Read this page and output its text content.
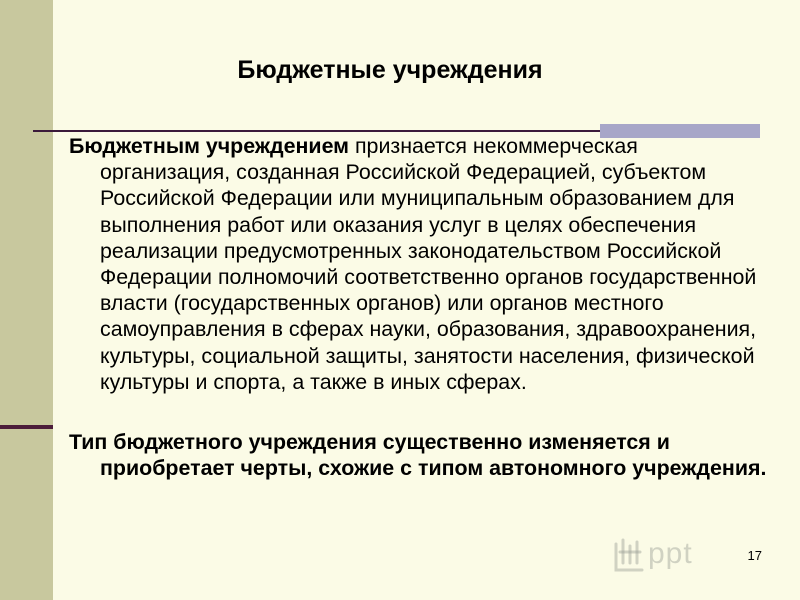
Бюджетные учреждения

Бюджетным учреждением признается некоммерческая организация, созданная Российской Федерацией, субъектом Российской Федерации или муниципальным образованием для выполнения работ или оказания услуг в целях обеспечения реализации предусмотренных законодательством Российской Федерации полномочий соответственно органов государственной власти (государственных органов) или органов местного самоуправления в сферах науки, образования, здравоохранения, культуры, социальной защиты, занятости населения, физической культуры и спорта, а также в иных сферах.

Тип бюджетного учреждения существенно изменяется и приобретает черты, схожие с типом автономного учреждения.

ppt	17
